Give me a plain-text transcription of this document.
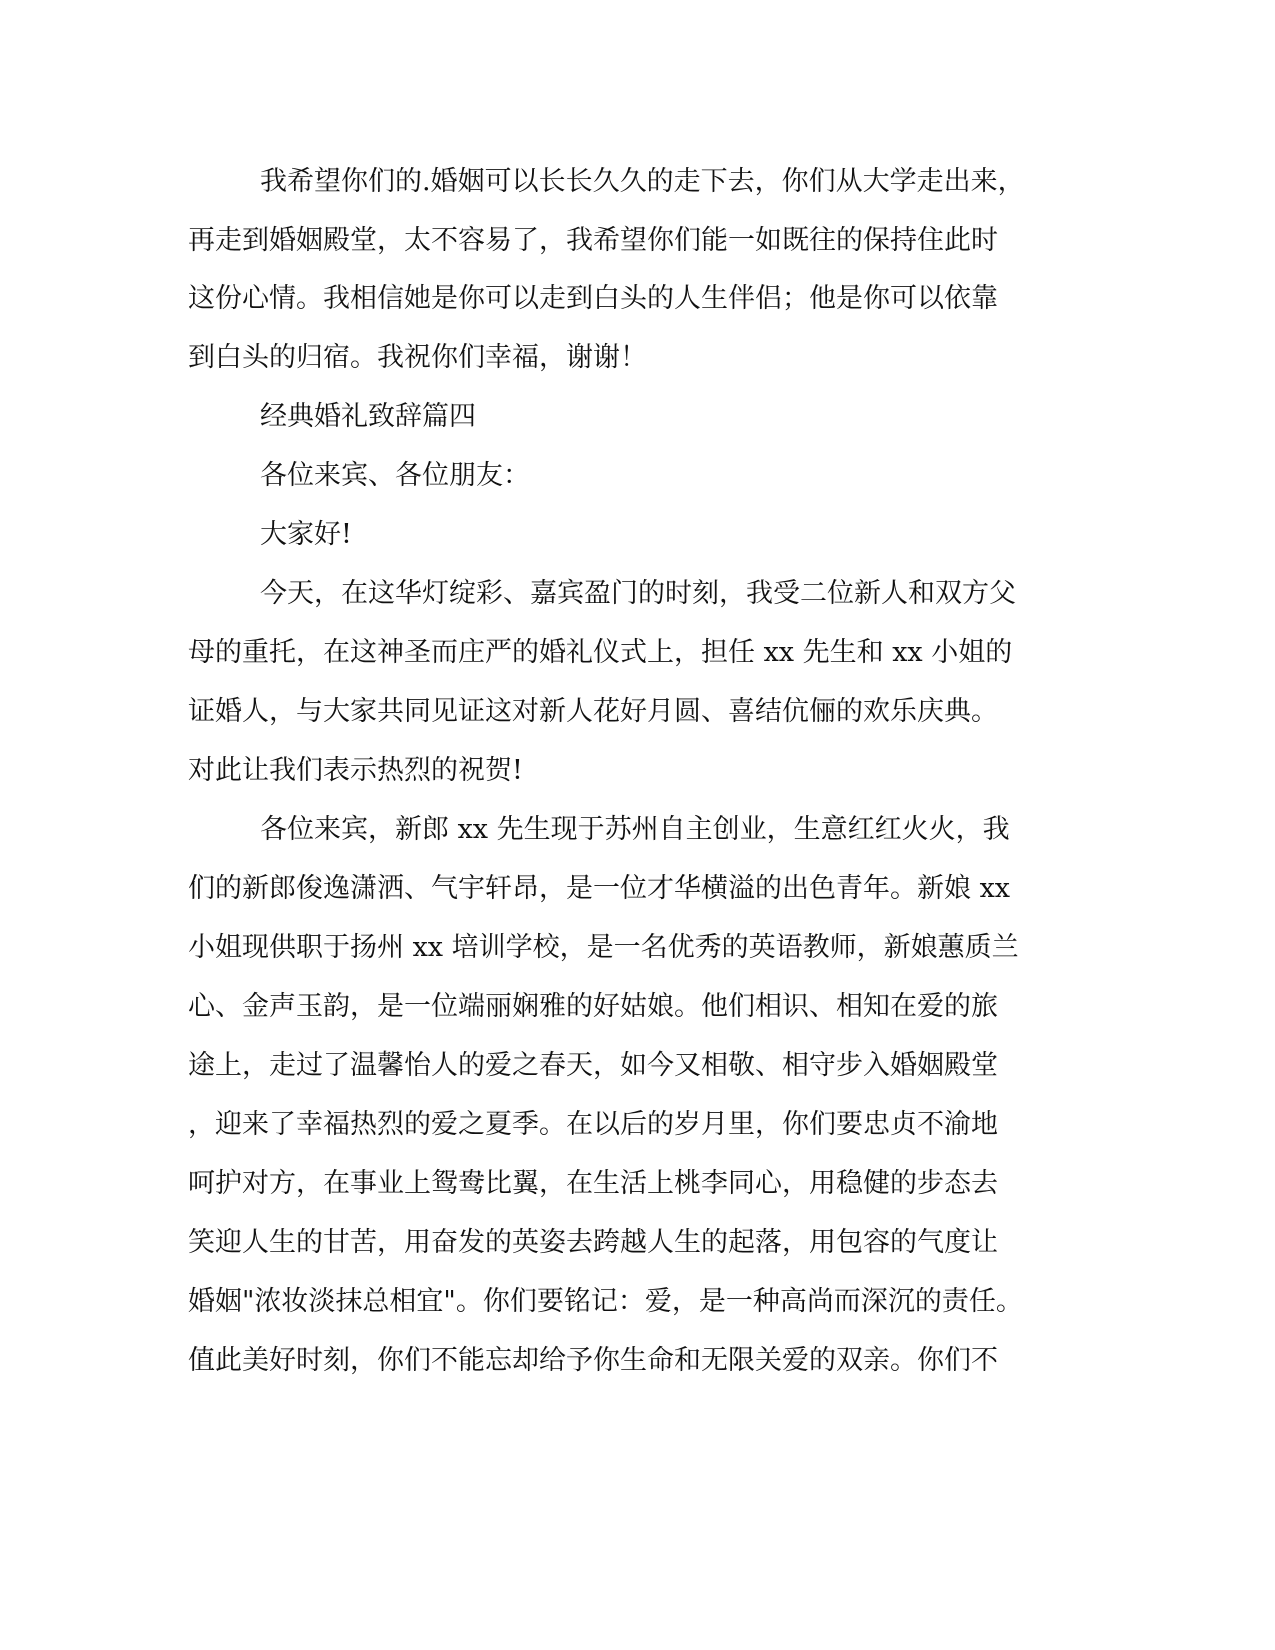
我希望你们的.婚姻可以长长久久的走下去，你们从大学走出来，
再走到婚姻殿堂，太不容易了，我希望你们能一如既往的保持住此时
这份心情。我相信她是你可以走到白头的人生伴侣；他是你可以依靠
到白头的归宿。我祝你们幸福，谢谢！
经典婚礼致辞篇四
各位来宾、各位朋友：
大家好!
今天，在这华灯绽彩、嘉宾盈门的时刻，我受二位新人和双方父
母的重托，在这神圣而庄严的婚礼仪式上，担任 xx 先生和 xx 小姐的
证婚人，与大家共同见证这对新人花好月圆、喜结伉俪的欢乐庆典。
对此让我们表示热烈的祝贺!
各位来宾，新郎 xx 先生现于苏州自主创业，生意红红火火，我
们的新郎俊逸潇洒、气宇轩昂，是一位才华横溢的出色青年。新娘 xx
小姐现供职于扬州 xx 培训学校，是一名优秀的英语教师，新娘蕙质兰
心、金声玉韵，是一位端丽娴雅的好姑娘。他们相识、相知在爱的旅
途上，走过了温馨怡人的爱之春天，如今又相敬、相守步入婚姻殿堂
，迎来了幸福热烈的爱之夏季。在以后的岁月里，你们要忠贞不渝地
呵护对方，在事业上鸳鸯比翼，在生活上桃李同心，用稳健的步态去
笑迎人生的甘苦，用奋发的英姿去跨越人生的起落，用包容的气度让
婚姻"浓妆淡抹总相宜"。你们要铭记：爱，是一种高尚而深沉的责任。
值此美好时刻，你们不能忘却给予你生命和无限关爱的双亲。你们不
